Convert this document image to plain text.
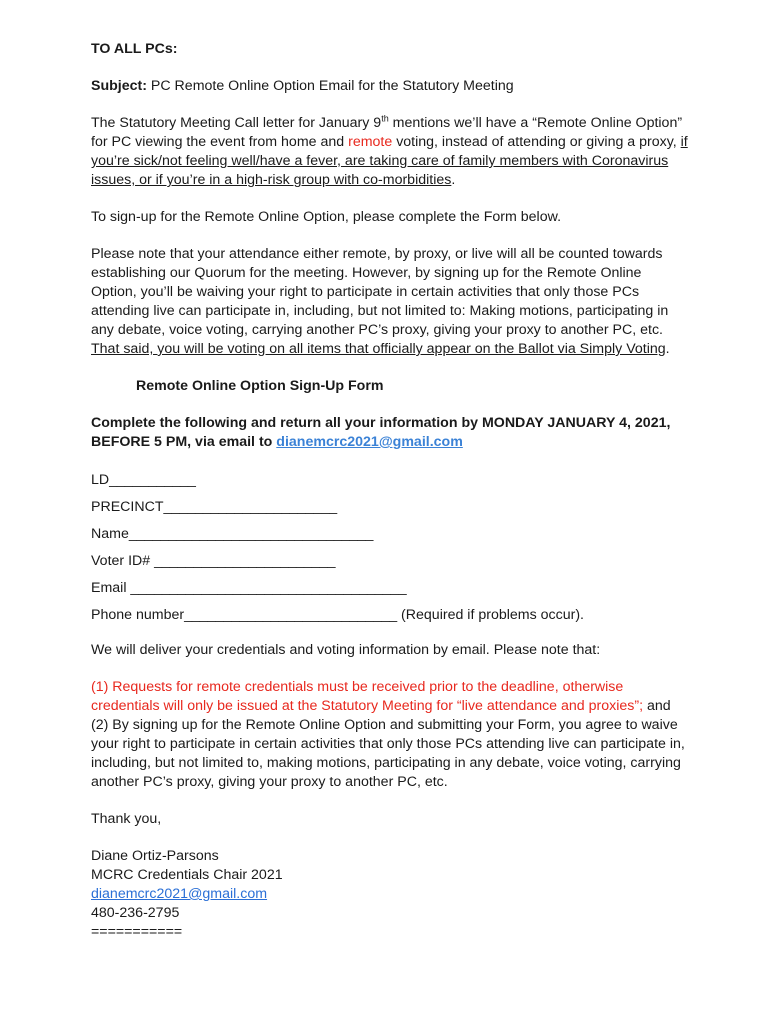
TO ALL PCs:

Subject: PC Remote Online Option Email for the Statutory Meeting

The Statutory Meeting Call letter for January 9th mentions we’ll have a “Remote Online Option” for PC viewing the event from home and remote voting, instead of attending or giving a proxy, if you’re sick/not feeling well/have a fever, are taking care of family members with Coronavirus issues, or if you’re in a high-risk group with co-morbidities.

To sign-up for the Remote Online Option, please complete the Form below.

Please note that your attendance either remote, by proxy, or live will all be counted towards establishing our Quorum for the meeting. However, by signing up for the Remote Online Option, you’ll be waiving your right to participate in certain activities that only those PCs attending live can participate in, including, but not limited to: Making motions, participating in any debate, voice voting, carrying another PC’s proxy, giving your proxy to another PC, etc. That said, you will be voting on all items that officially appear on the Ballot via Simply Voting.

Remote Online Option Sign-Up Form

Complete the following and return all your information by MONDAY JANUARY 4, 2021, BEFORE 5 PM, via email to dianemcrc2021@gmail.com

LD___________

PRECINCT______________________

Name_______________________________

Voter ID# _______________________

Email ___________________________________

Phone number___________________________ (Required if problems occur).

We will deliver your credentials and voting information by email. Please note that:

(1) Requests for remote credentials must be received prior to the deadline, otherwise credentials will only be issued at the Statutory Meeting for “live attendance and proxies”; and (2) By signing up for the Remote Online Option and submitting your Form, you agree to waive your right to participate in certain activities that only those PCs attending live can participate in, including, but not limited to, making motions, participating in any debate, voice voting, carrying another PC’s proxy, giving your proxy to another PC, etc.

Thank you,

Diane Ortiz-Parsons

MCRC Credentials Chair 2021

dianemcrc2021@gmail.com

480-236-2795

===========
